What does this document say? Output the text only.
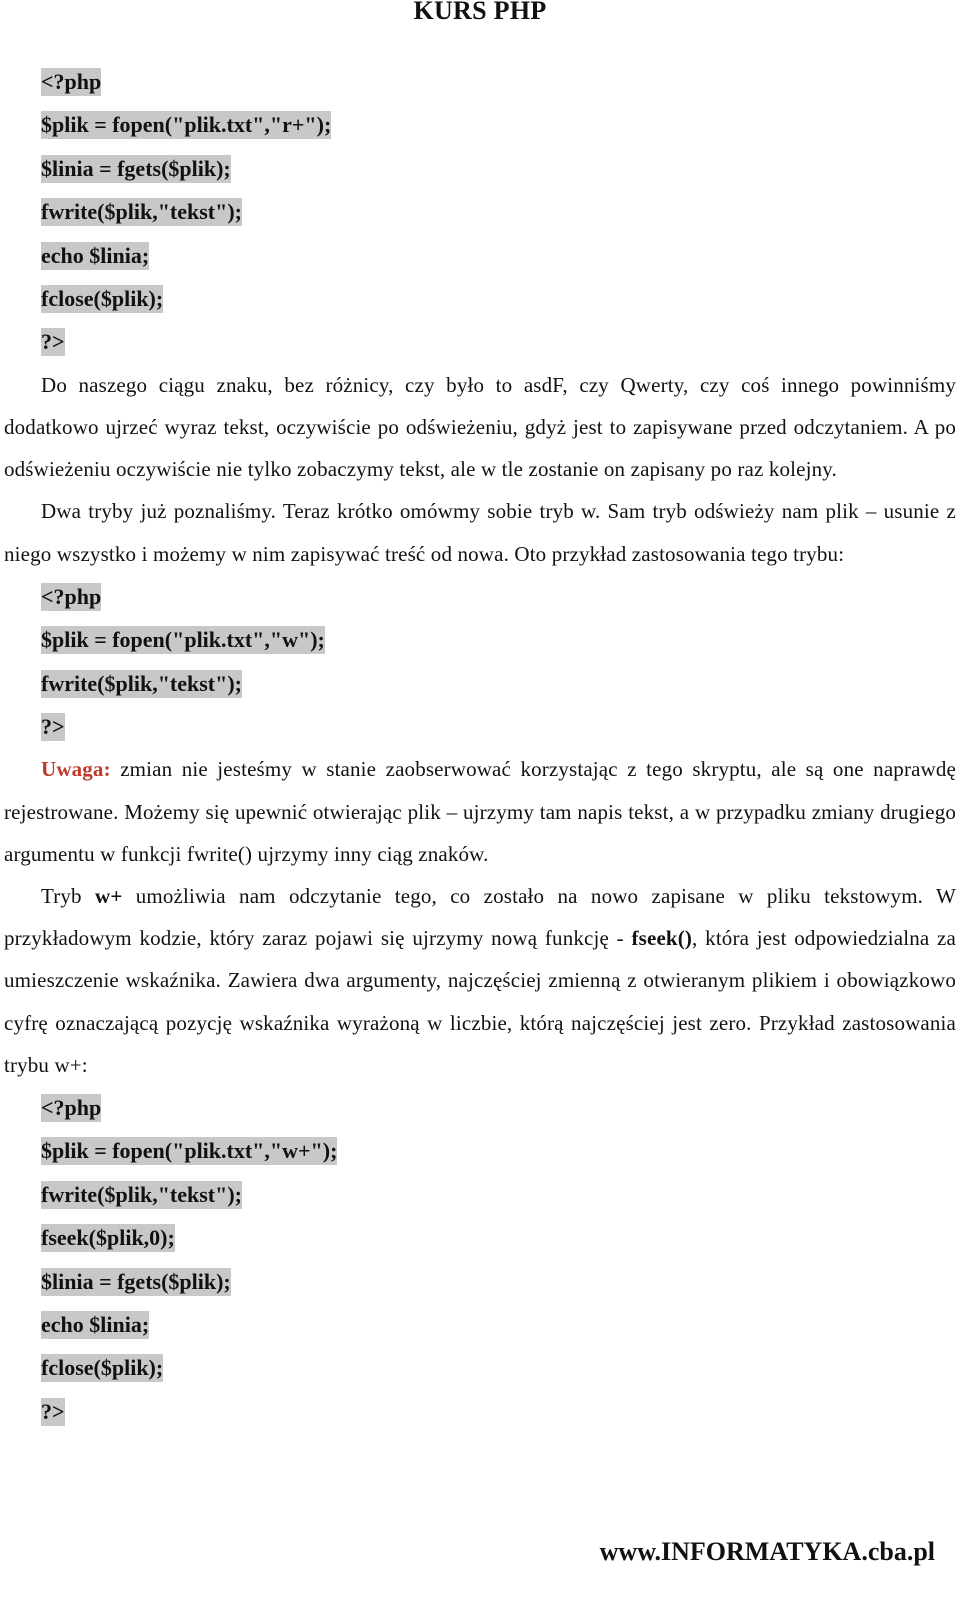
KURS PHP
<?php
$plik = fopen("plik.txt","r+");
$linia = fgets($plik);
fwrite($plik,"tekst");
echo $linia;
fclose($plik);
?>

Do naszego ciągu znaku, bez różnicy, czy było to asdF, czy Qwerty, czy coś innego powinniśmy dodatkowo ujrzeć wyraz tekst, oczywiście po odświeżeniu, gdyż jest to zapisywane przed odczytaniem. A po odświeżeniu oczywiście nie tylko zobaczymy tekst, ale w tle zostanie on zapisany po raz kolejny.

Dwa tryby już poznaliśmy. Teraz krótko omówmy sobie tryb w. Sam tryb odświeży nam plik – usunie z niego wszystko i możemy w nim zapisywać treść od nowa. Oto przykład zastosowania tego trybu:

<?php
$plik = fopen("plik.txt","w");
fwrite($plik,"tekst");
?>

Uwaga: zmian nie jesteśmy w stanie zaobserwować korzystając z tego skryptu, ale są one naprawdę rejestrowane. Możemy się upewnić otwierając plik – ujrzymy tam napis tekst, a w przypadku zmiany drugiego argumentu w funkcji fwrite() ujrzymy inny ciąg znaków.

Tryb w+ umożliwia nam odczytanie tego, co zostało na nowo zapisane w pliku tekstowym. W przykładowym kodzie, który zaraz pojawi się ujrzymy nową funkcję - fseek(), która jest odpowiedzialna za umieszczenie wskaźnika. Zawiera dwa argumenty, najczęściej zmienną z otwieranym plikiem i obowiązkowo cyfrę oznaczającą pozycję wskaźnika wyrażoną w liczbie, którą najczęściej jest zero. Przykład zastosowania trybu w+:

<?php
$plik = fopen("plik.txt","w+");
fwrite($plik,"tekst");
fseek($plik,0);
$linia = fgets($plik);
echo $linia;
fclose($plik);
?>
www.INFORMATYKA.cba.pl
